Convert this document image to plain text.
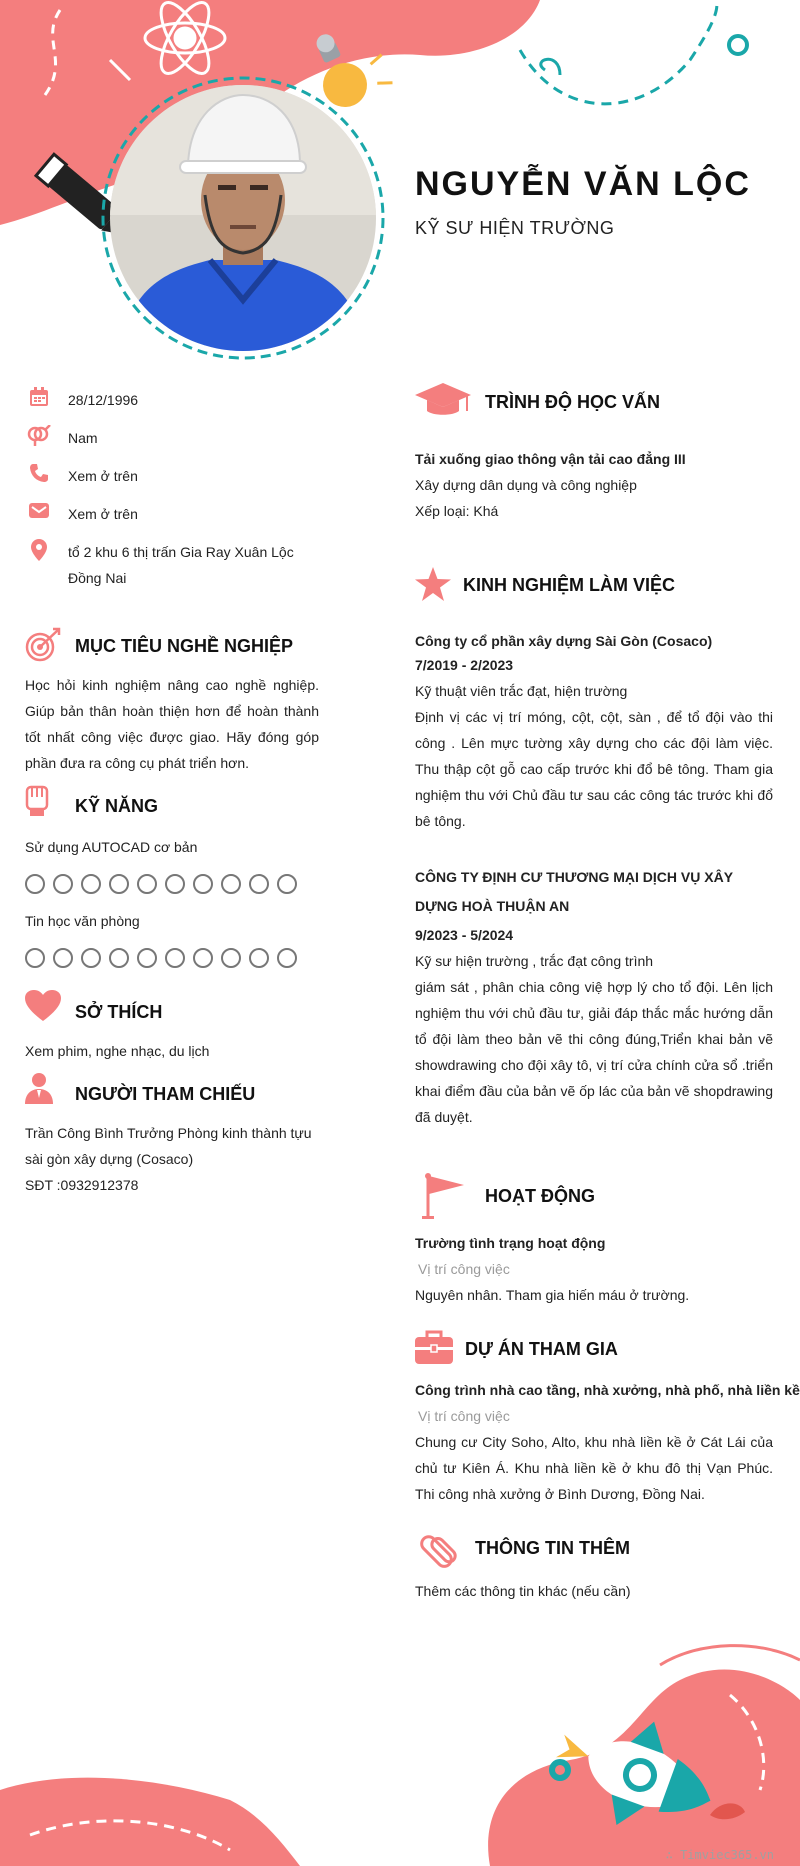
NGUYỄN VĂN LỘC
KỸ SƯ HIỆN TRƯỜNG
28/12/1996
Nam
Xem ở trên
Xem ở trên
tổ 2 khu 6 thị trấn Gia Ray Xuân Lộc Đồng Nai
MỤC TIÊU NGHỀ NGHIỆP
Học hỏi kinh nghiệm nâng cao nghề nghiệp. Giúp bản thân hoàn thiện hơn để hoàn thành tốt nhất công việc được giao. Hãy đóng góp phần đưa ra công cụ phát triển hơn.
KỸ NĂNG
Sử dụng AUTOCAD cơ bản
Tin học văn phòng
SỞ THÍCH
Xem phim, nghe nhạc, du lịch
NGƯỜI THAM CHIẾU
Trần Công Bình Trưởng Phòng kinh thành tựu
sài gòn xây dựng (Cosaco)
SĐT :0932912378
TRÌNH ĐỘ HỌC VẤN
Tải xuống giao thông vận tải cao đẳng III
Xây dựng dân dụng và công nghiệp
Xếp loại: Khá
KINH NGHIỆM LÀM VIỆC
Công ty cổ phần xây dựng Sài Gòn (Cosaco)
7/2019 - 2/2023
Kỹ thuật viên trắc đạt, hiện trường
Định vị các vị trí móng, cột, cột, sàn , để tổ đội vào thi công . Lên mực tường xây dựng cho các đội làm việc. Thu thập cột gỗ cao cấp trước khi đổ bê tông. Tham gia nghiệm thu với Chủ đầu tư sau các công tác trước khi đổ bê tông.
CÔNG TY ĐỊNH CƯ THƯƠNG MẠI DỊCH VỤ XÂY
DỰNG HOÀ THUẬN AN
9/2023 - 5/2024
Kỹ sư hiện trường , trắc đạt công trình
giám sát , phân chia công việ hợp lý cho tổ đội. Lên lịch nghiệm thu với chủ đầu tư, giải đáp thắc mắc hướng dẫn tổ đội làm theo bản vẽ thi công đúng,Triển khai bản vẽ showdrawing cho đội xây tô, vị trí cửa chính cửa sổ .triển khai điểm đầu của bản vẽ ốp lác của bản vẽ shopdrawing đã duyệt.
HOẠT ĐỘNG
Trường tình trạng hoạt động
Vị trí công việc
Nguyên nhân. Tham gia hiến máu ở trường.
DỰ ÁN THAM GIA
Công trình nhà cao tầng, nhà xưởng, nhà phố, nhà liền kề
Vị trí công việc
Chung cư City Soho, Alto, khu nhà liền kề ở Cát Lái của chủ tư Kiên Á. Khu nhà liền kề ở khu đô thị Vạn Phúc. Thi công nhà xưởng ở Bình Dương, Đồng Nai.
THÔNG TIN THÊM
Thêm các thông tin khác (nếu cần)
∴ Timviec365.vn
